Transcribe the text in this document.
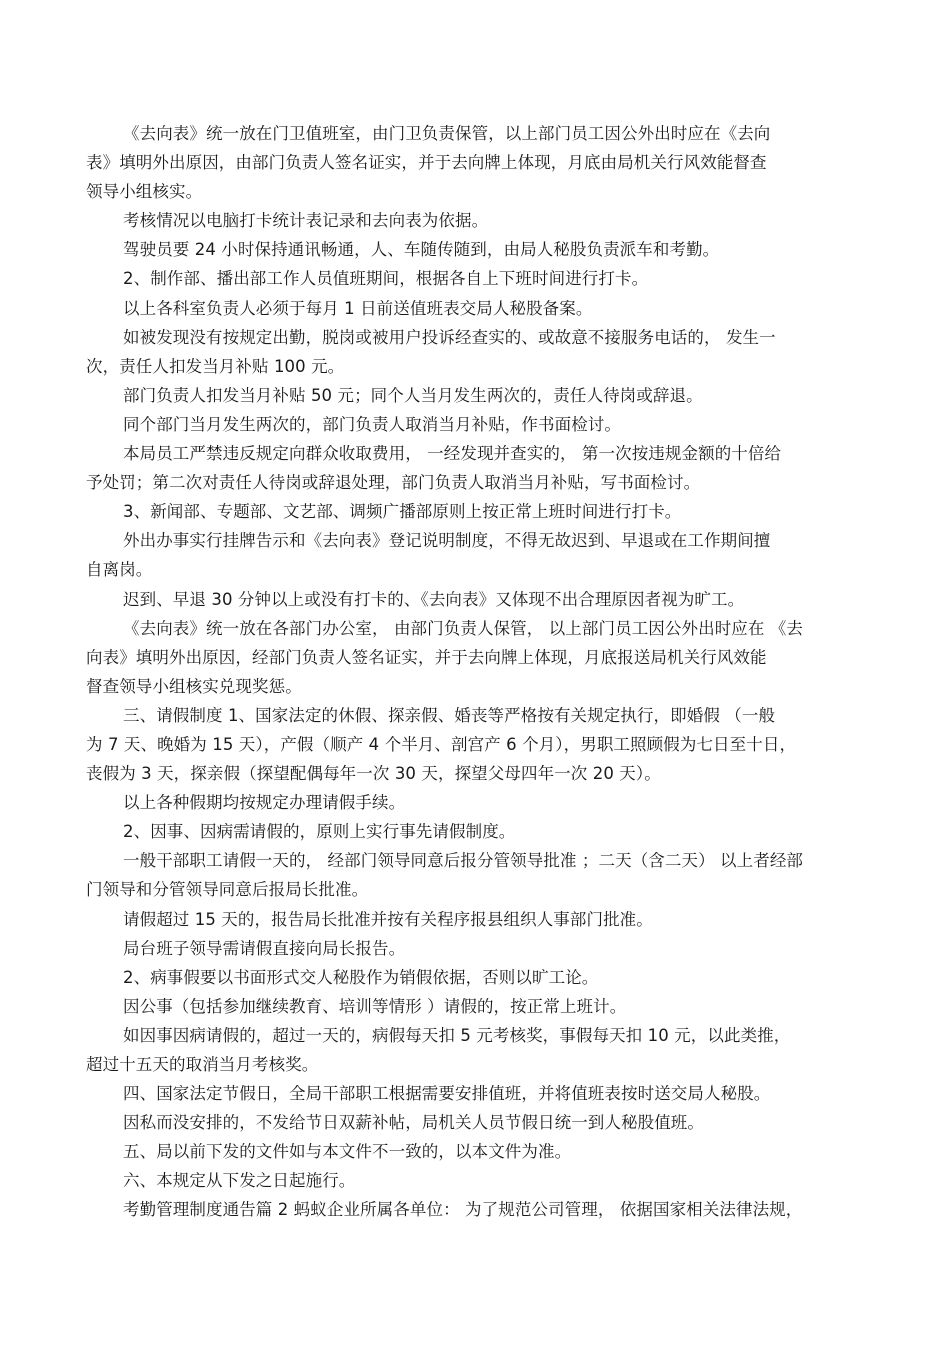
《去向表》统一放在门卫值班室，由门卫负责保管，以上部门员工因公外出时应在《去向
表》填明外出原因，由部门负责人签名证实，并于去向牌上体现，月底由局机关行风效能督查
领导小组核实。
考核情况以电脑打卡统计表记录和去向表为依据。
驾驶员要 24 小时保持通讯畅通，人、车随传随到，由局人秘股负责派车和考勤。
2、制作部、播出部工作人员值班期间，根据各自上下班时间进行打卡。
以上各科室负责人必须于每月 1 日前送值班表交局人秘股备案。
如被发现没有按规定出勤，脱岗或被用户投诉经查实的、或故意不接服务电话的， 发生一
次，责任人扣发当月补贴 100 元。
部门负责人扣发当月补贴 50 元；同个人当月发生两次的，责任人待岗或辞退。
同个部门当月发生两次的，部门负责人取消当月补贴，作书面检讨。
本局员工严禁违反规定向群众收取费用， 一经发现并查实的， 第一次按违规金额的十倍给
予处罚；第二次对责任人待岗或辞退处理，部门负责人取消当月补贴，写书面检讨。
3、新闻部、专题部、文艺部、调频广播部原则上按正常上班时间进行打卡。
外出办事实行挂牌告示和《去向表》登记说明制度，不得无故迟到、早退或在工作期间擅
自离岗。
迟到、早退 30 分钟以上或没有打卡的、《去向表》又体现不出合理原因者视为旷工。
《去向表》统一放在各部门办公室， 由部门负责人保管， 以上部门员工因公外出时应在 《去
向表》填明外出原因，经部门负责人签名证实，并于去向牌上体现，月底报送局机关行风效能
督查领导小组核实兑现奖惩。
三、请假制度 1、国家法定的休假、探亲假、婚丧等严格按有关规定执行，即婚假 （一般
为 7 天、晚婚为 15 天），产假（顺产 4 个半月、剖宫产 6 个月），男职工照顾假为七日至十日，
丧假为 3 天，探亲假（探望配偶每年一次 30 天，探望父母四年一次 20 天）。
以上各种假期均按规定办理请假手续。
2、因事、因病需请假的，原则上实行事先请假制度。
一般干部职工请假一天的， 经部门领导同意后报分管领导批准 ；二天（含二天） 以上者经部
门领导和分管领导同意后报局长批准。
请假超过 15 天的，报告局长批准并按有关程序报县组织人事部门批准。
局台班子领导需请假直接向局长报告。
2、病事假要以书面形式交人秘股作为销假依据，否则以旷工论。
因公事（包括参加继续教育、培训等情形 ）请假的，按正常上班计。
如因事因病请假的，超过一天的，病假每天扣 5 元考核奖，事假每天扣 10 元，以此类推，
超过十五天的取消当月考核奖。
四、国家法定节假日，全局干部职工根据需要安排值班，并将值班表按时送交局人秘股。
因私而没安排的，不发给节日双薪补帖，局机关人员节假日统一到人秘股值班。
五、局以前下发的文件如与本文件不一致的，以本文件为准。
六、本规定从下发之日起施行。
考勤管理制度通告篇 2 蚂蚁企业所属各单位： 为了规范公司管理， 依据国家相关法律法规，
